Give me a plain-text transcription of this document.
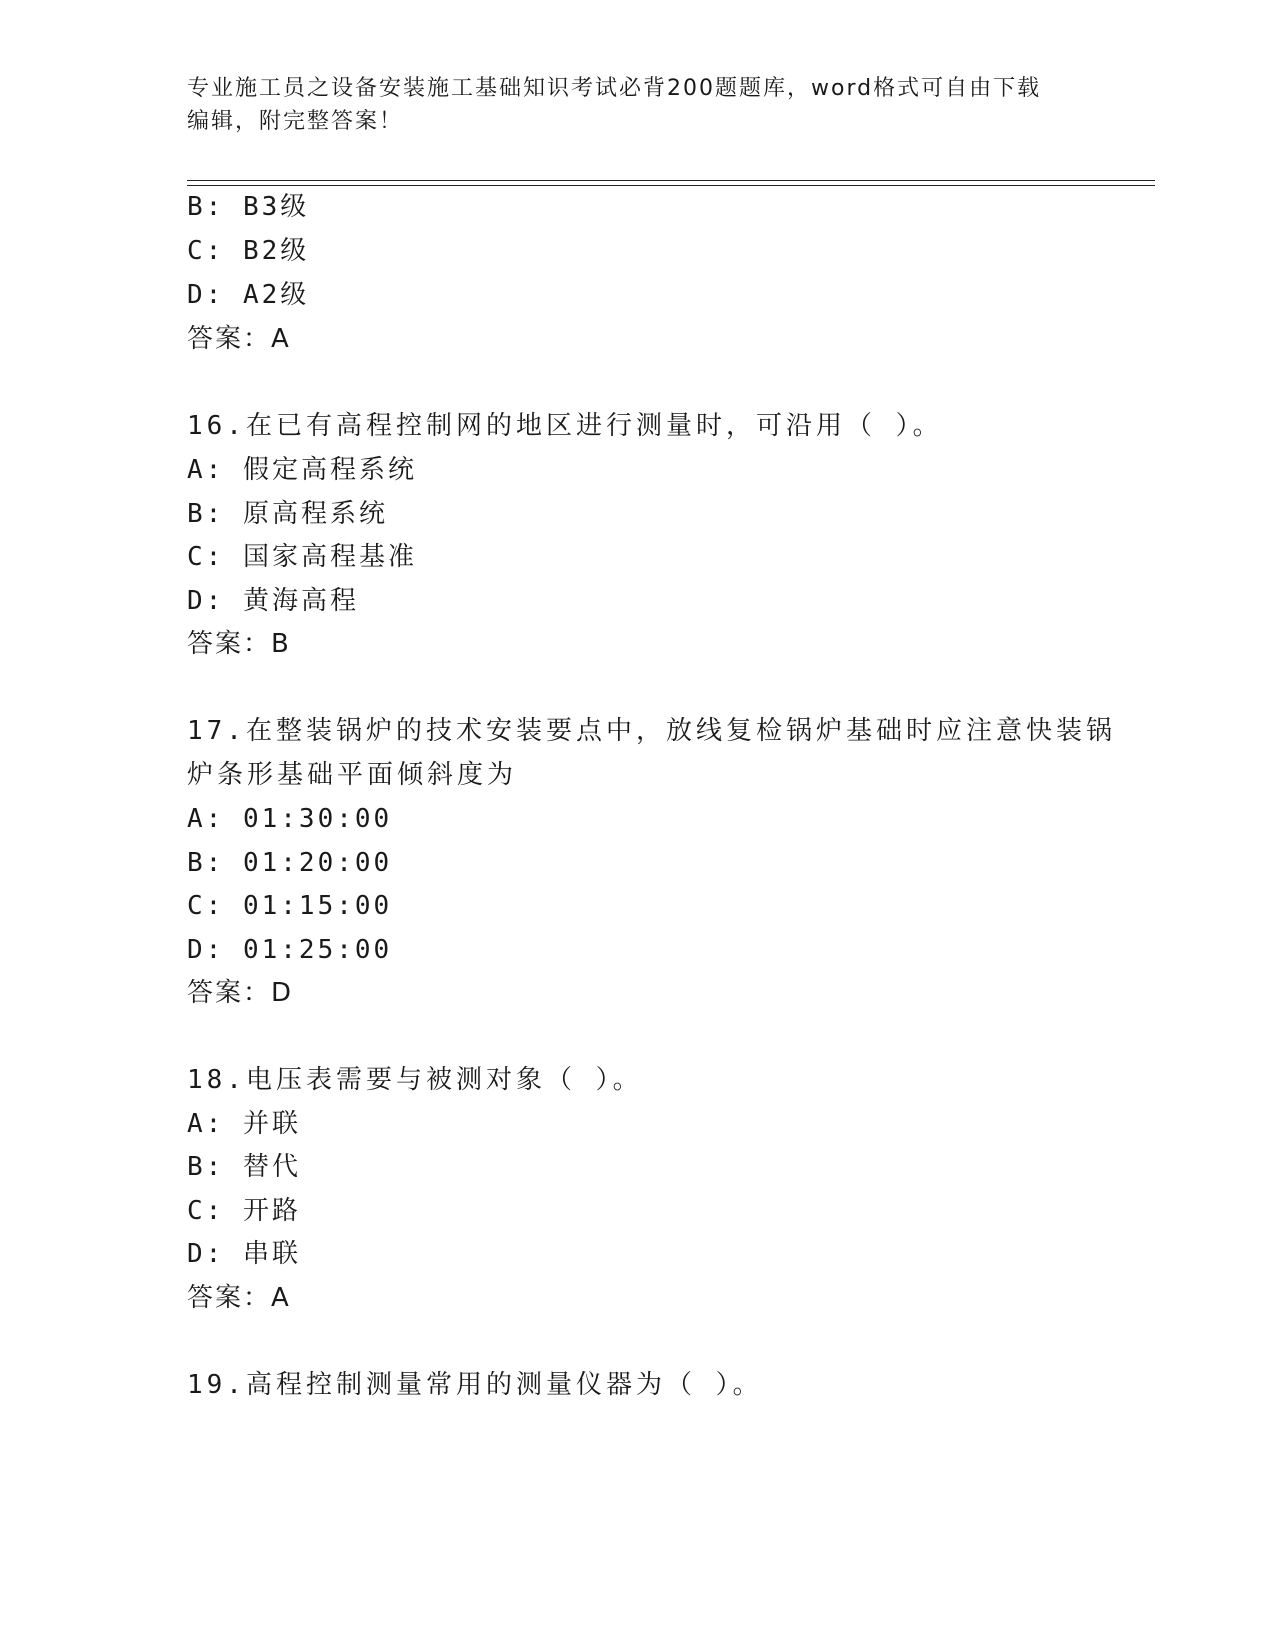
专业施工员之设备安装施工基础知识考试必背200题题库，word格式可自由下载
编辑，附完整答案！
B: B3级
C: B2级
D: A2级
答案：A
16.在已有高程控制网的地区进行测量时，可沿用（ ）。
A: 假定高程系统
B: 原高程系统
C: 国家高程基准
D: 黄海高程
答案：B
17.在整装锅炉的技术安装要点中，放线复检锅炉基础时应注意快装锅
炉条形基础平面倾斜度为
A: 01:30:00
B: 01:20:00
C: 01:15:00
D: 01:25:00
答案：D
18.电压表需要与被测对象（ ）。
A: 并联
B: 替代
C: 开路
D: 串联
答案：A
19.高程控制测量常用的测量仪器为（ ）。
